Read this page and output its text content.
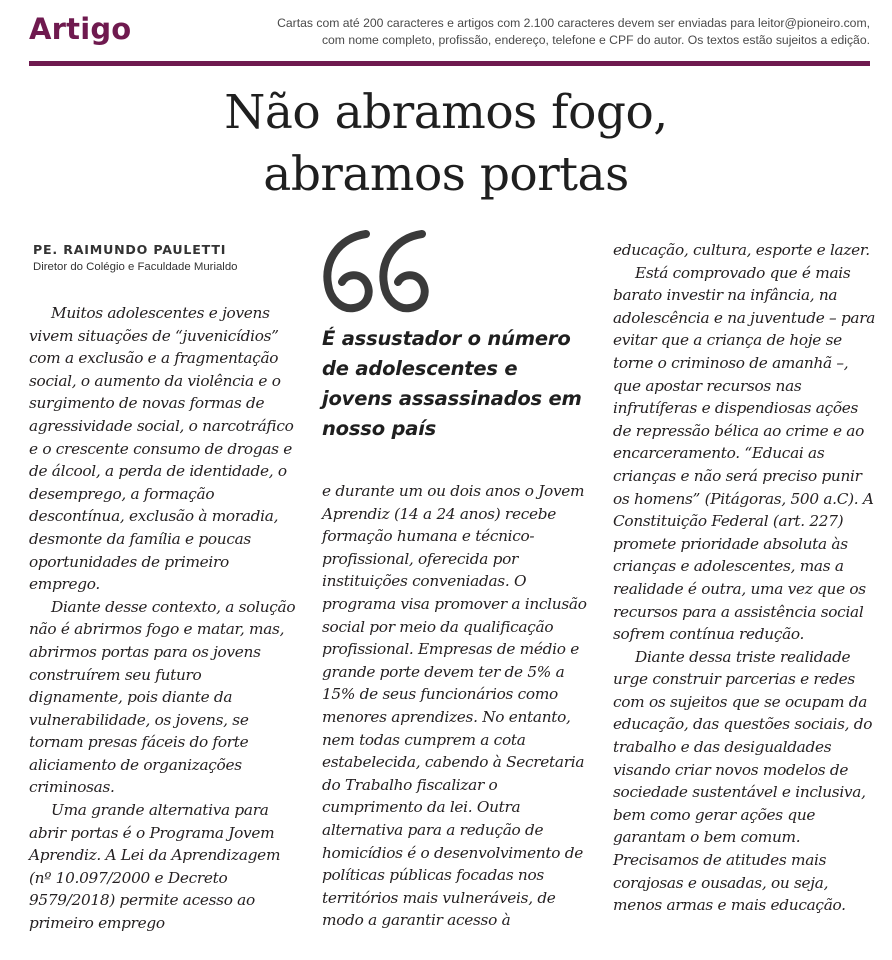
Artigo	Cartas com até 200 caracteres e artigos com 2.100 caracteres devem ser enviadas para leitor@pioneiro.com,
com nome completo, profissão, endereço, telefone e CPF do autor. Os textos estão sujeitos a edição.
Não abramos fogo,
abramos portas
PE. RAIMUNDO PAULETTI
Diretor do Colégio e Faculdade Murialdo

Muitos adolescentes e jovens vivem situações de “juvenicídios” com a exclusão e a fragmentação social, o aumento da violência e o surgimento de novas formas de agressividade social, o narcotráfico e o crescente consumo de drogas e de álcool, a perda de identidade, o desemprego, a formação descontínua, exclusão à moradia, desmonte da família e poucas oportunidades de primeiro emprego.

Diante desse contexto, a solução não é abrirmos fogo e matar, mas, abrirmos portas para os jovens construírem seu futuro dignamente, pois diante da vulnerabilidade, os jovens, se tornam presas fáceis do forte aliciamento de organizações criminosas.

Uma grande alternativa para abrir portas é o Programa Jovem Aprendiz. A Lei da Aprendizagem (nº 10.097/2000 e Decreto 9579/2018) permite acesso ao primeiro emprego

É assustador o número de adolescentes e jovens assassinados em nosso país

e durante um ou dois anos o Jovem Aprendiz (14 a 24 anos) recebe formação humana e técnico-profissional, oferecida por instituições conveniadas. O programa visa promover a inclusão social por meio da qualificação profissional. Empresas de médio e grande porte devem ter de 5% a 15% de seus funcionários como menores aprendizes. No entanto, nem todas cumprem a cota estabelecida, cabendo à Secretaria do Trabalho fiscalizar o cumprimento da lei. Outra alternativa para a redução de homicídios é o desenvolvimento de políticas públicas focadas nos territórios mais vulneráveis, de modo a garantir acesso à

educação, cultura, esporte e lazer.

Está comprovado que é mais barato investir na infância, na adolescência e na juventude – para evitar que a criança de hoje se torne o criminoso de amanhã –, que apostar recursos nas infrutíferas e dispendiosas ações de repressão bélica ao crime e ao encarceramento. “Educai as crianças e não será preciso punir os homens” (Pitágoras, 500 a.C). A Constituição Federal (art. 227) promete prioridade absoluta às crianças e adolescentes, mas a realidade é outra, uma vez que os recursos para a assistência social sofrem contínua redução.

Diante dessa triste realidade urge construir parcerias e redes com os sujeitos que se ocupam da educação, das questões sociais, do trabalho e das desigualdades visando criar novos modelos de sociedade sustentável e inclusiva, bem como gerar ações que garantam o bem comum. Precisamos de atitudes mais corajosas e ousadas, ou seja, menos armas e mais educação.
